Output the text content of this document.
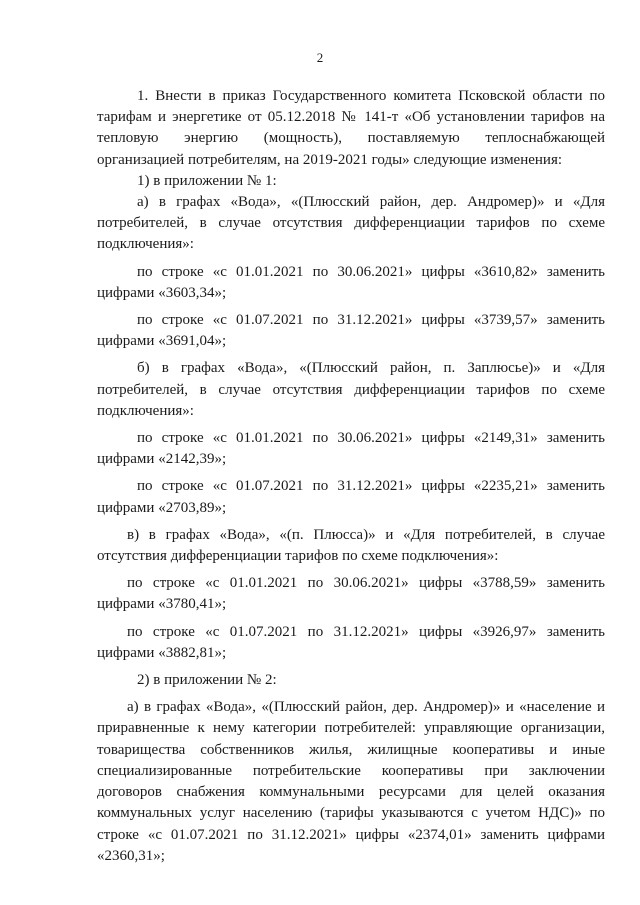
2

1. Внести в приказ Государственного комитета Псковской области по тарифам и энергетике от 05.12.2018 № 141-т «Об установлении тарифов на тепловую энергию (мощность), поставляемую теплоснабжающей организацией потребителям, на 2019-2021 годы» следующие изменения:

1) в приложении № 1:

а) в графах «Вода», «(Плюсский район, дер. Андромер)» и «Для потребителей, в случае отсутствия дифференциации тарифов по схеме подключения»:

по строке «с 01.01.2021 по 30.06.2021» цифры «3610,82» заменить цифрами «3603,34»;

по строке «с 01.07.2021 по 31.12.2021» цифры «3739,57» заменить цифрами «3691,04»;

б) в графах «Вода», «(Плюсский район, п. Заплюсье)» и «Для потребителей, в случае отсутствия дифференциации тарифов по схеме подключения»:

по строке «с 01.01.2021 по 30.06.2021» цифры «2149,31» заменить цифрами «2142,39»;

по строке «с 01.07.2021 по 31.12.2021» цифры «2235,21» заменить цифрами «2703,89»;

в) в графах «Вода», «(п. Плюсса)» и «Для потребителей, в случае отсутствия дифференциации тарифов по схеме подключения»:

по строке «с 01.01.2021 по 30.06.2021» цифры «3788,59» заменить цифрами «3780,41»;

по строке «с 01.07.2021 по 31.12.2021» цифры «3926,97» заменить цифрами «3882,81»;

2) в приложении № 2:

а) в графах «Вода», «(Плюсский район, дер. Андромер)» и «население и приравненные к нему категории потребителей: управляющие организации, товарищества собственников жилья, жилищные кооперативы и иные специализированные потребительские кооперативы при заключении договоров снабжения коммунальными ресурсами для целей оказания коммунальных услуг населению (тарифы указываются с учетом НДС)» по строке «с 01.07.2021 по 31.12.2021» цифры «2374,01» заменить цифрами «2360,31»;
